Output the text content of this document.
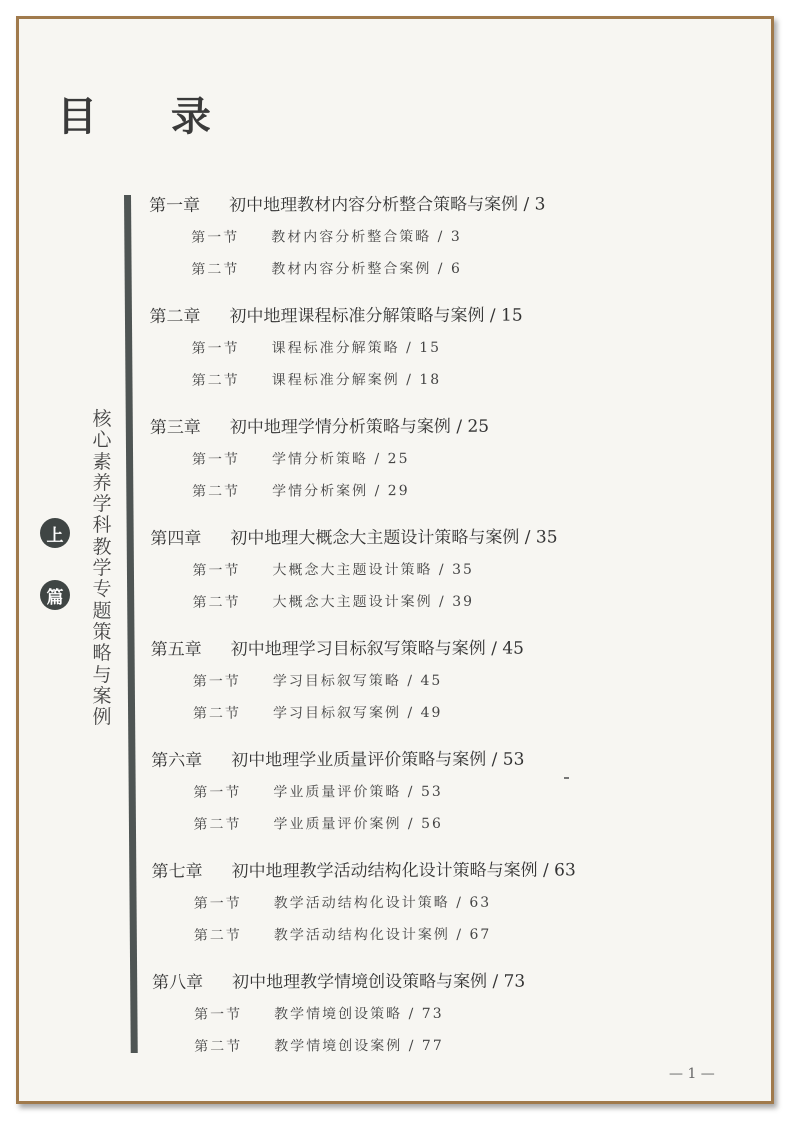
目 录
核心素养学科教学专题策略与案例
上
篇
第一章 初中地理教材内容分析整合策略与案例 / 3
第一节 教材内容分析整合策略 / 3
第二节 教材内容分析整合案例 / 6
第二章 初中地理课程标准分解策略与案例 / 15
第一节 课程标准分解策略 / 15
第二节 课程标准分解案例 / 18
第三章 初中地理学情分析策略与案例 / 25
第一节 学情分析策略 / 25
第二节 学情分析案例 / 29
第四章 初中地理大概念大主题设计策略与案例 / 35
第一节 大概念大主题设计策略 / 35
第二节 大概念大主题设计案例 / 39
第五章 初中地理学习目标叙写策略与案例 / 45
第一节 学习目标叙写策略 / 45
第二节 学习目标叙写案例 / 49
第六章 初中地理学业质量评价策略与案例 / 53
第一节 学业质量评价策略 / 53
第二节 学业质量评价案例 / 56
第七章 初中地理教学活动结构化设计策略与案例 / 63
第一节 教学活动结构化设计策略 / 63
第二节 教学活动结构化设计案例 / 67
第八章 初中地理教学情境创设策略与案例 / 73
第一节 教学情境创设策略 / 73
第二节 教学情境创设案例 / 77
— 1 —
